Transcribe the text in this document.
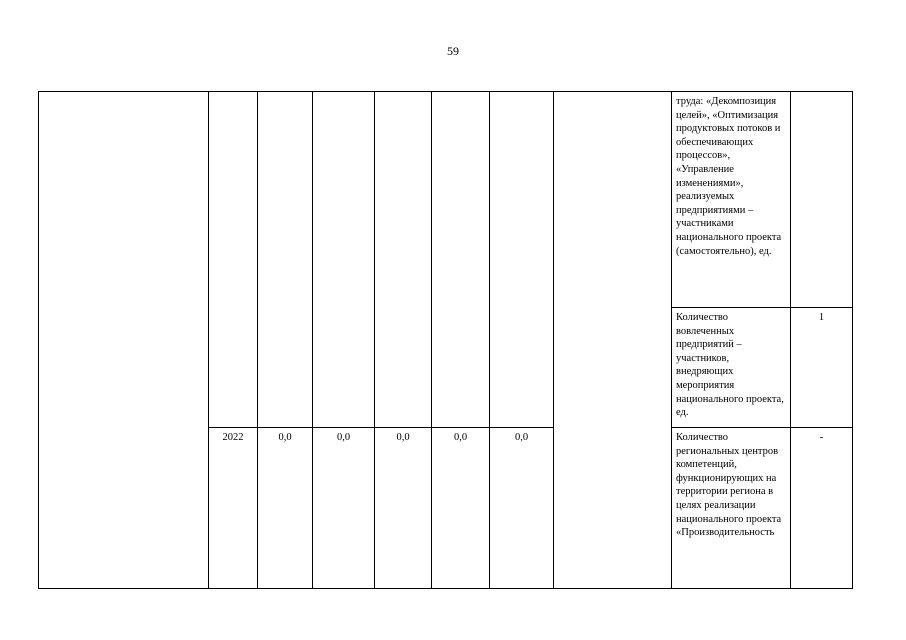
59
								труда: «Декомпозиция целей», «Оптимизация продуктовых потоков и обеспечивающих процессов», «Управление изменениями», реализуемых предприятиями – участниками национального проекта (самостоятельно), ед.	
								Количество вовлеченных предприятий – участников, внедряющих мероприятия национального проекта, ед.	1
	2022	0,0	0,0	0,0	0,0	0,0		Количество региональных центров компетенций, функционирующих на территории региона в целях реализации национального проекта «Производительность	-
